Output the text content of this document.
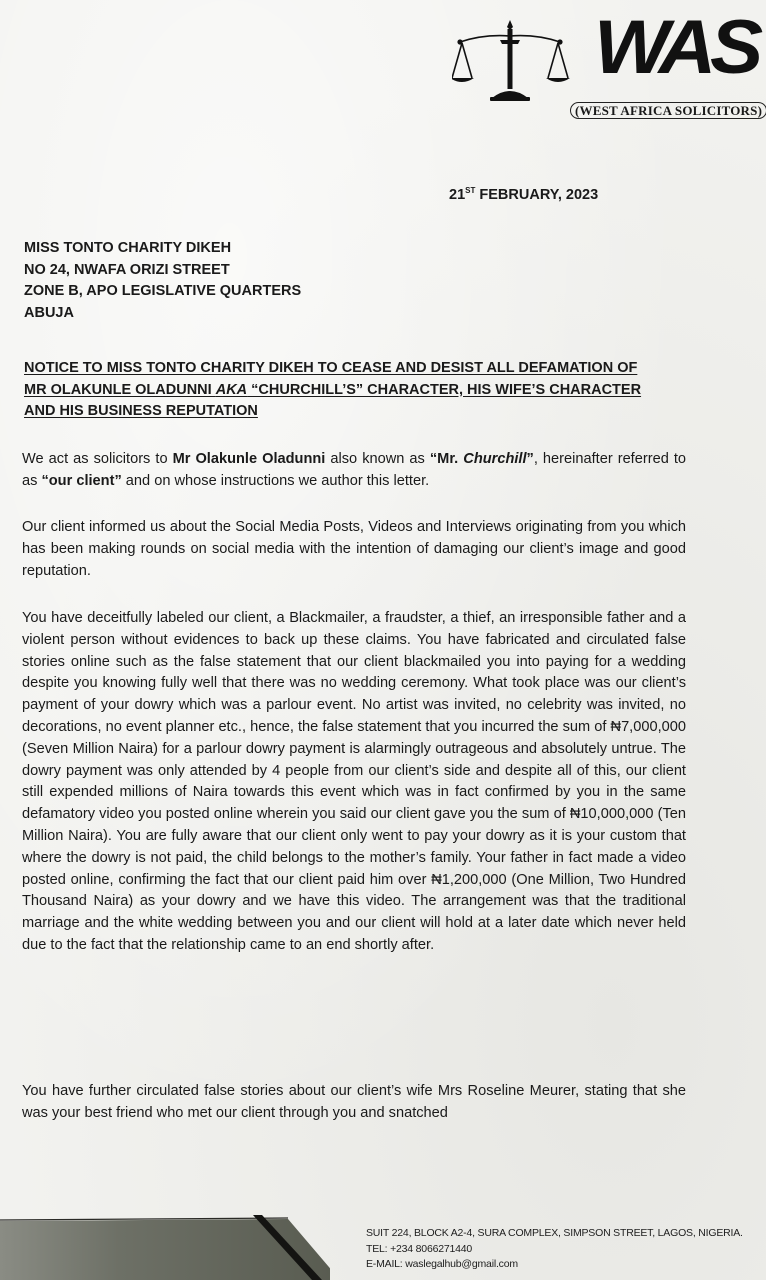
WAS
(WEST AFRICA SOLICITORS)
21ST FEBRUARY, 2023
MISS TONTO CHARITY DIKEH
NO 24, NWAFA ORIZI STREET
ZONE B, APO LEGISLATIVE QUARTERS
ABUJA
NOTICE TO MISS TONTO CHARITY DIKEH TO CEASE AND DESIST ALL DEFAMATION OF
MR OLAKUNLE OLADUNNI AKA “CHURCHILL’S” CHARACTER, HIS WIFE’S CHARACTER
AND HIS BUSINESS REPUTATION
We act as solicitors to Mr Olakunle Oladunni also known as “Mr. Churchill”, hereinafter referred to as “our client” and on whose instructions we author this letter.
Our client informed us about the Social Media Posts, Videos and Interviews originating from you which has been making rounds on social media with the intention of damaging our client’s image and good reputation.
You have deceitfully labeled our client, a Blackmailer, a fraudster, a thief, an irresponsible father and a violent person without evidences to back up these claims. You have fabricated and circulated false stories online such as the false statement that our client blackmailed you into paying for a wedding despite you knowing fully well that there was no wedding ceremony. What took place was our client’s payment of your dowry which was a parlour event. No artist was invited, no celebrity was invited, no decorations, no event planner etc., hence, the false statement that you incurred the sum of ₦7,000,000 (Seven Million Naira) for a parlour dowry payment is alarmingly outrageous and absolutely untrue. The dowry payment was only attended by 4 people from our client’s side and despite all of this, our client still expended millions of Naira towards this event which was in fact confirmed by you in the same defamatory video you posted online wherein you said our client gave you the sum of ₦10,000,000 (Ten Million Naira). You are fully aware that our client only went to pay your dowry as it is your custom that where the dowry is not paid, the child belongs to the mother’s family. Your father in fact made a video posted online, confirming the fact that our client paid him over ₦1,200,000 (One Million, Two Hundred Thousand Naira) as your dowry and we have this video. The arrangement was that the traditional marriage and the white wedding between you and our client will hold at a later date which never held due to the fact that the relationship came to an end shortly after.
You have further circulated false stories about our client’s wife Mrs Roseline Meurer, stating that she was your best friend who met our client through you and snatched
SUIT 224, BLOCK A2-4, SURA COMPLEX, SIMPSON STREET, LAGOS, NIGERIA.
TEL: +234 8066271440
E-MAIL: waslegalhub@gmail.com
